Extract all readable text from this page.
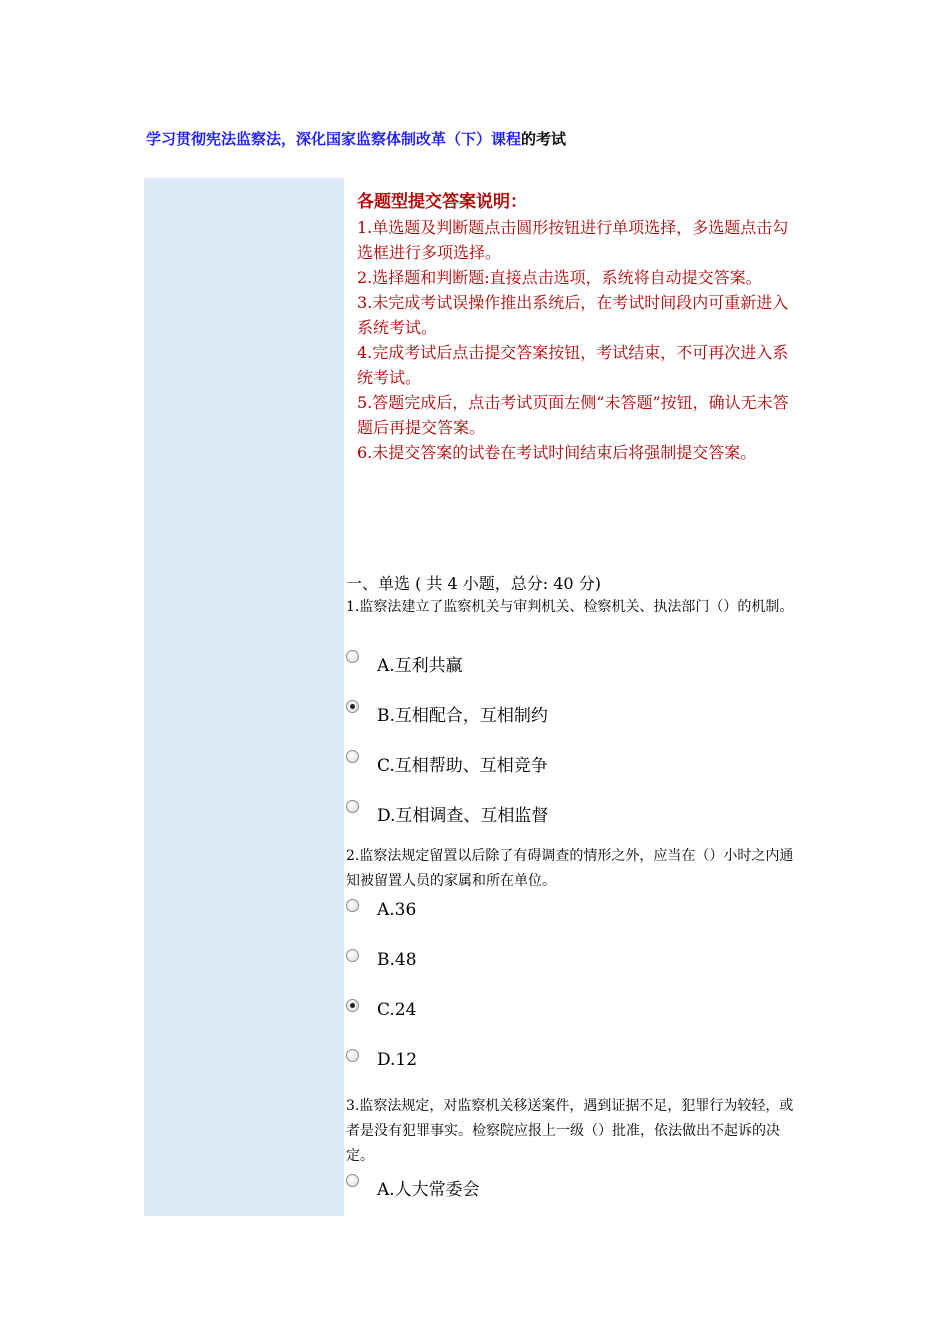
学习贯彻宪法监察法，深化国家监察体制改革（下）课程的考试
各题型提交答案说明：
1.单选题及判断题点击圆形按钮进行单项选择，多选题点击勾选框进行多项选择。
2.选择题和判断题:直接点击选项，系统将自动提交答案。
3.未完成考试误操作推出系统后，在考试时间段内可重新进入系统考试。
4.完成考试后点击提交答案按钮，考试结束，不可再次进入系统考试。
5.答题完成后，点击考试页面左侧“未答题”按钮，确认无未答题后再提交答案。
6.未提交答案的试卷在考试时间结束后将强制提交答案。
一、单选 ( 共 4 小题，总分: 40 分)
1.监察法建立了监察机关与审判机关、检察机关、执法部门（）的机制。
A.互利共赢
B.互相配合，互相制约
C.互相帮助、互相竞争
D.互相调查、互相监督
2.监察法规定留置以后除了有碍调查的情形之外，应当在（）小时之内通知被留置人员的家属和所在单位。
A.36
B.48
C.24
D.12
3.监察法规定，对监察机关移送案件，遇到证据不足，犯罪行为较轻，或者是没有犯罪事实。检察院应报上一级（）批准，依法做出不起诉的决定。
A.人大常委会
